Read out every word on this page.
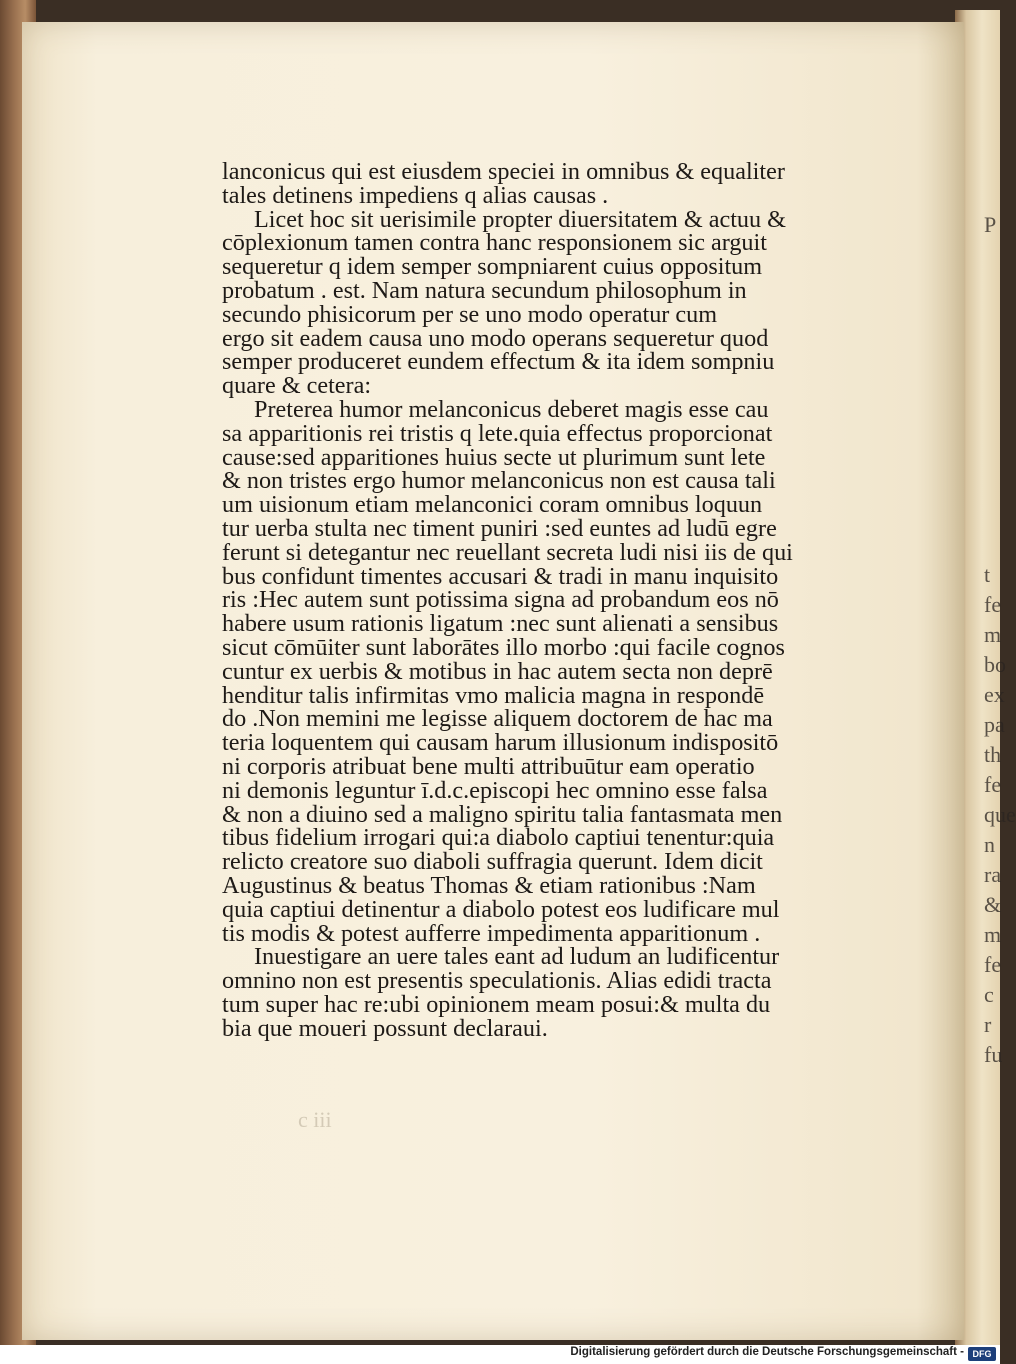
P
t
fe
m
bo
ex
pa
th
fe
que
n
ra
&
m
fe
c
r
fu
lanconicus qui est eiusdem speciei in omnibus & equaliter
tales detinens impediens q alias causas .
Licet hoc sit uerisimile propter diuersitatem & actuu &
cōplexionum tamen contra hanc responsionem sic arguit
sequeretur q idem semper sompniarent cuius oppositum
probatum . est. Nam natura secundum philosophum in
secundo phisicorum per se uno modo operatur cum
ergo sit eadem causa uno modo operans sequeretur quod
semper produceret eundem effectum & ita idem sompniu
quare & cetera:
Preterea humor melanconicus deberet magis esse cau
sa apparitionis rei tristis q lete.quia effectus proporcionat
cause:sed apparitiones huius secte ut plurimum sunt lete
& non tristes ergo humor melanconicus non est causa tali
um uisionum etiam melanconici coram omnibus loquun
tur uerba stulta nec timent puniri :sed euntes ad ludū egre
ferunt si detegantur nec reuellant secreta ludi nisi iis de qui
bus confidunt timentes accusari & tradi in manu inquisito
ris :Hec autem sunt potissima signa ad probandum eos nō
habere usum rationis ligatum :nec sunt alienati a sensibus
sicut cōmūiter sunt laborātes illo morbo :qui facile cognos
cuntur ex uerbis & motibus in hac autem secta non deprē
henditur talis infirmitas vmo malicia magna in respondē
do .Non memini me legisse aliquem doctorem de hac ma
teria loquentem qui causam harum illusionum indispositō
ni corporis atribuat bene multi attribuūtur eam operatio
ni demonis leguntur ī.d.c.episcopi hec omnino esse falsa
& non a diuino sed a maligno spiritu talia fantasmata men
tibus fidelium irrogari qui:a diabolo captiui tenentur:quia
relicto creatore suo diaboli suffragia querunt. Idem dicit
Augustinus & beatus Thomas & etiam rationibus :Nam
quia captiui detinentur a diabolo potest eos ludificare mul
tis modis & potest aufferre impedimenta apparitionum .
Inuestigare an uere tales eant ad ludum an ludificentur
omnino non est presentis speculationis. Alias edidi tracta
tum super hac re:ubi opinionem meam posui:& multa du
bia que moueri possunt declaraui.
c iii
Digitalisierung gefördert durch die Deutsche Forschungsgemeinschaft - DFG
